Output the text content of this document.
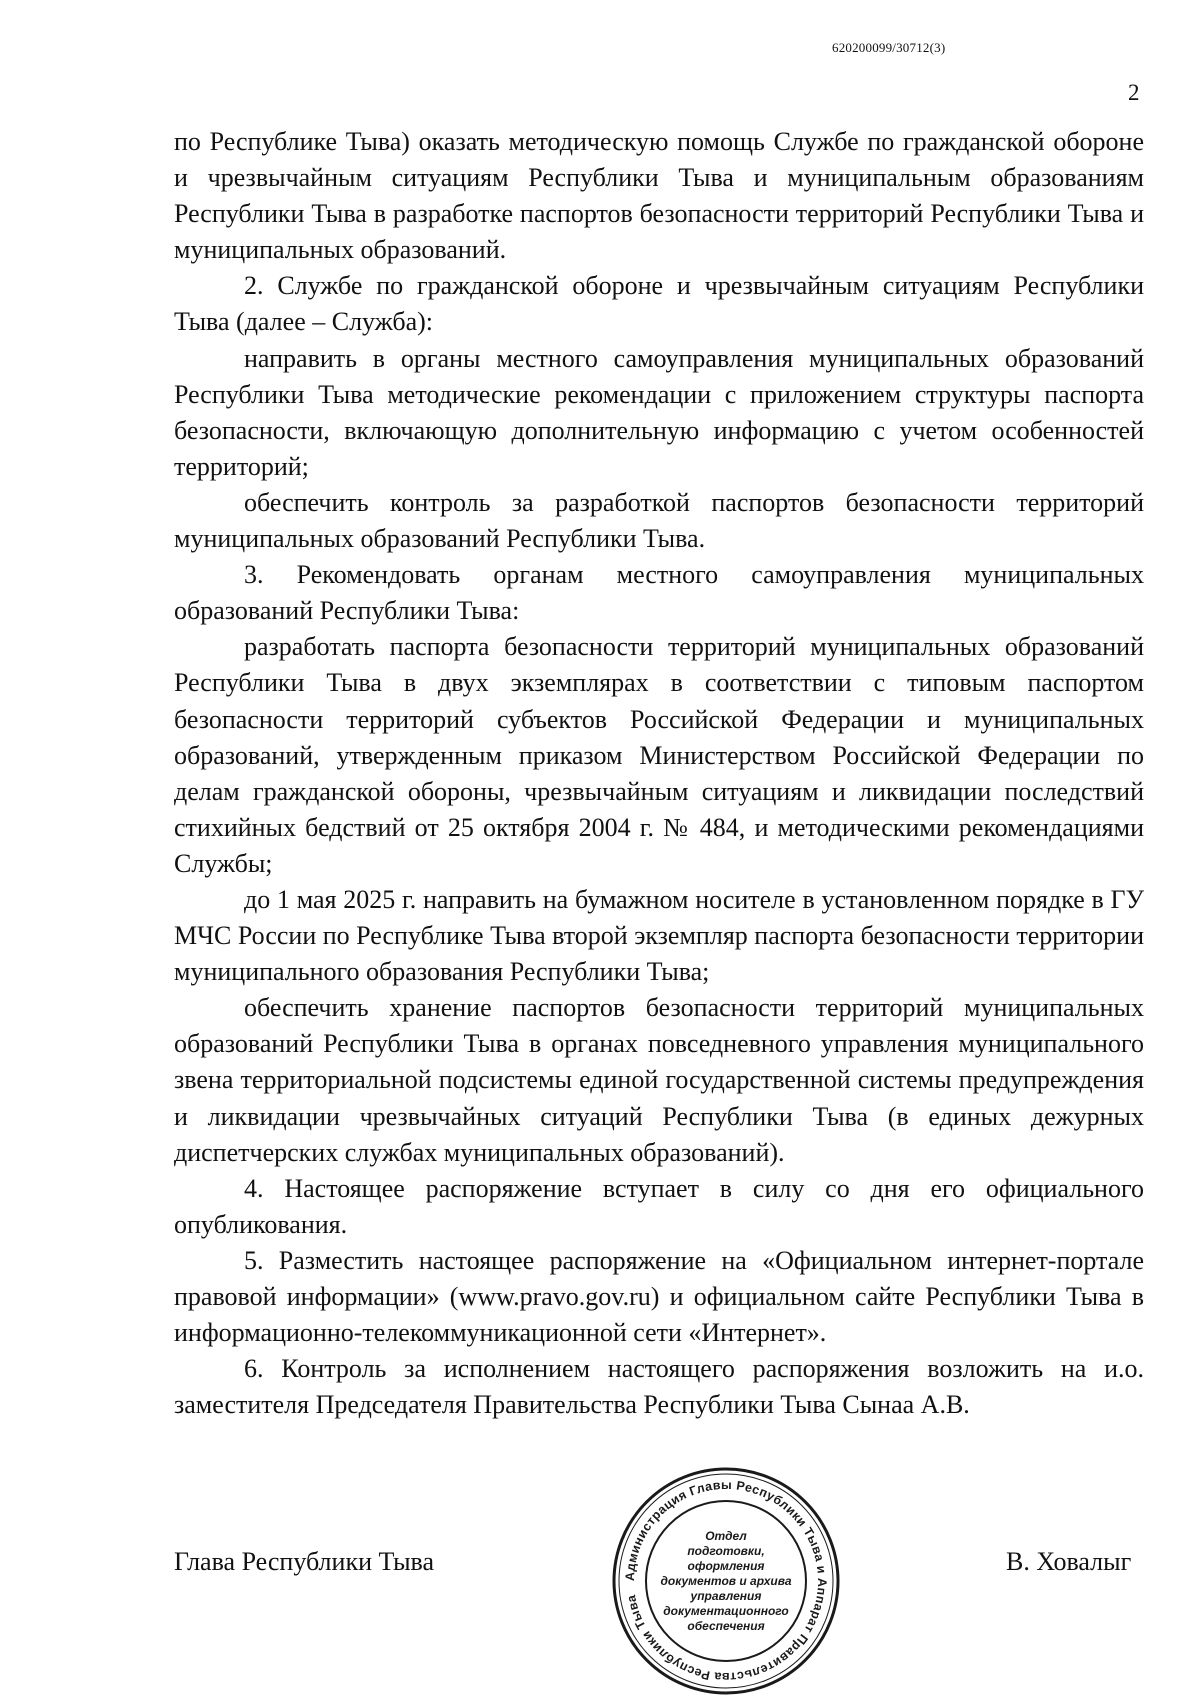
620200099/30712(3)
2

по Республике Тыва) оказать методическую помощь Службе по гражданской обороне и чрезвычайным ситуациям Республики Тыва и муниципальным образованиям Республики Тыва в разработке паспортов безопасности территорий Республики Тыва и муниципальных образований.

2. Службе по гражданской обороне и чрезвычайным ситуациям Республики Тыва (далее – Служба):

направить в органы местного самоуправления муниципальных образований Республики Тыва методические рекомендации с приложением структуры паспорта безопасности, включающую дополнительную информацию с учетом особенностей территорий;

обеспечить контроль за разработкой паспортов безопасности территорий муниципальных образований Республики Тыва.

3. Рекомендовать органам местного самоуправления муниципальных образований Республики Тыва:

разработать паспорта безопасности территорий муниципальных образований Республики Тыва в двух экземплярах в соответствии с типовым паспортом безопасности территорий субъектов Российской Федерации и муниципальных образований, утвержденным приказом Министерством Российской Федерации по делам гражданской обороны, чрезвычайным ситуациям и ликвидации последствий стихийных бедствий от 25 октября 2004 г. № 484, и методическими рекомендациями Службы;

до 1 мая 2025 г. направить на бумажном носителе в установленном порядке в ГУ МЧС России по Республике Тыва второй экземпляр паспорта безопасности территории муниципального образования Республики Тыва;

обеспечить хранение паспортов безопасности территорий муниципальных образований Республики Тыва в органах повседневного управления муниципального звена территориальной подсистемы единой государственной системы предупреждения и ликвидации чрезвычайных ситуаций Республики Тыва (в единых дежурных диспетчерских службах муниципальных образований).

4. Настоящее распоряжение вступает в силу со дня его официального опубликования.

5. Разместить настоящее распоряжение на «Официальном интернет-портале правовой информации» (www.pravo.gov.ru) и официальном сайте Республики Тыва в информационно-телекоммуникационной сети «Интернет».

6. Контроль за исполнением настоящего распоряжения возложить на и.о. заместителя Председателя Правительства Республики Тыва Сынаа А.В.

Глава Республики Тыва	В. Ховалыг
Администрация Главы Республики Тыва и Аппарат Правительства Республики Тыва
Отдел
подготовки,
оформления
документов и архива
управления
документационного
обеспечения
